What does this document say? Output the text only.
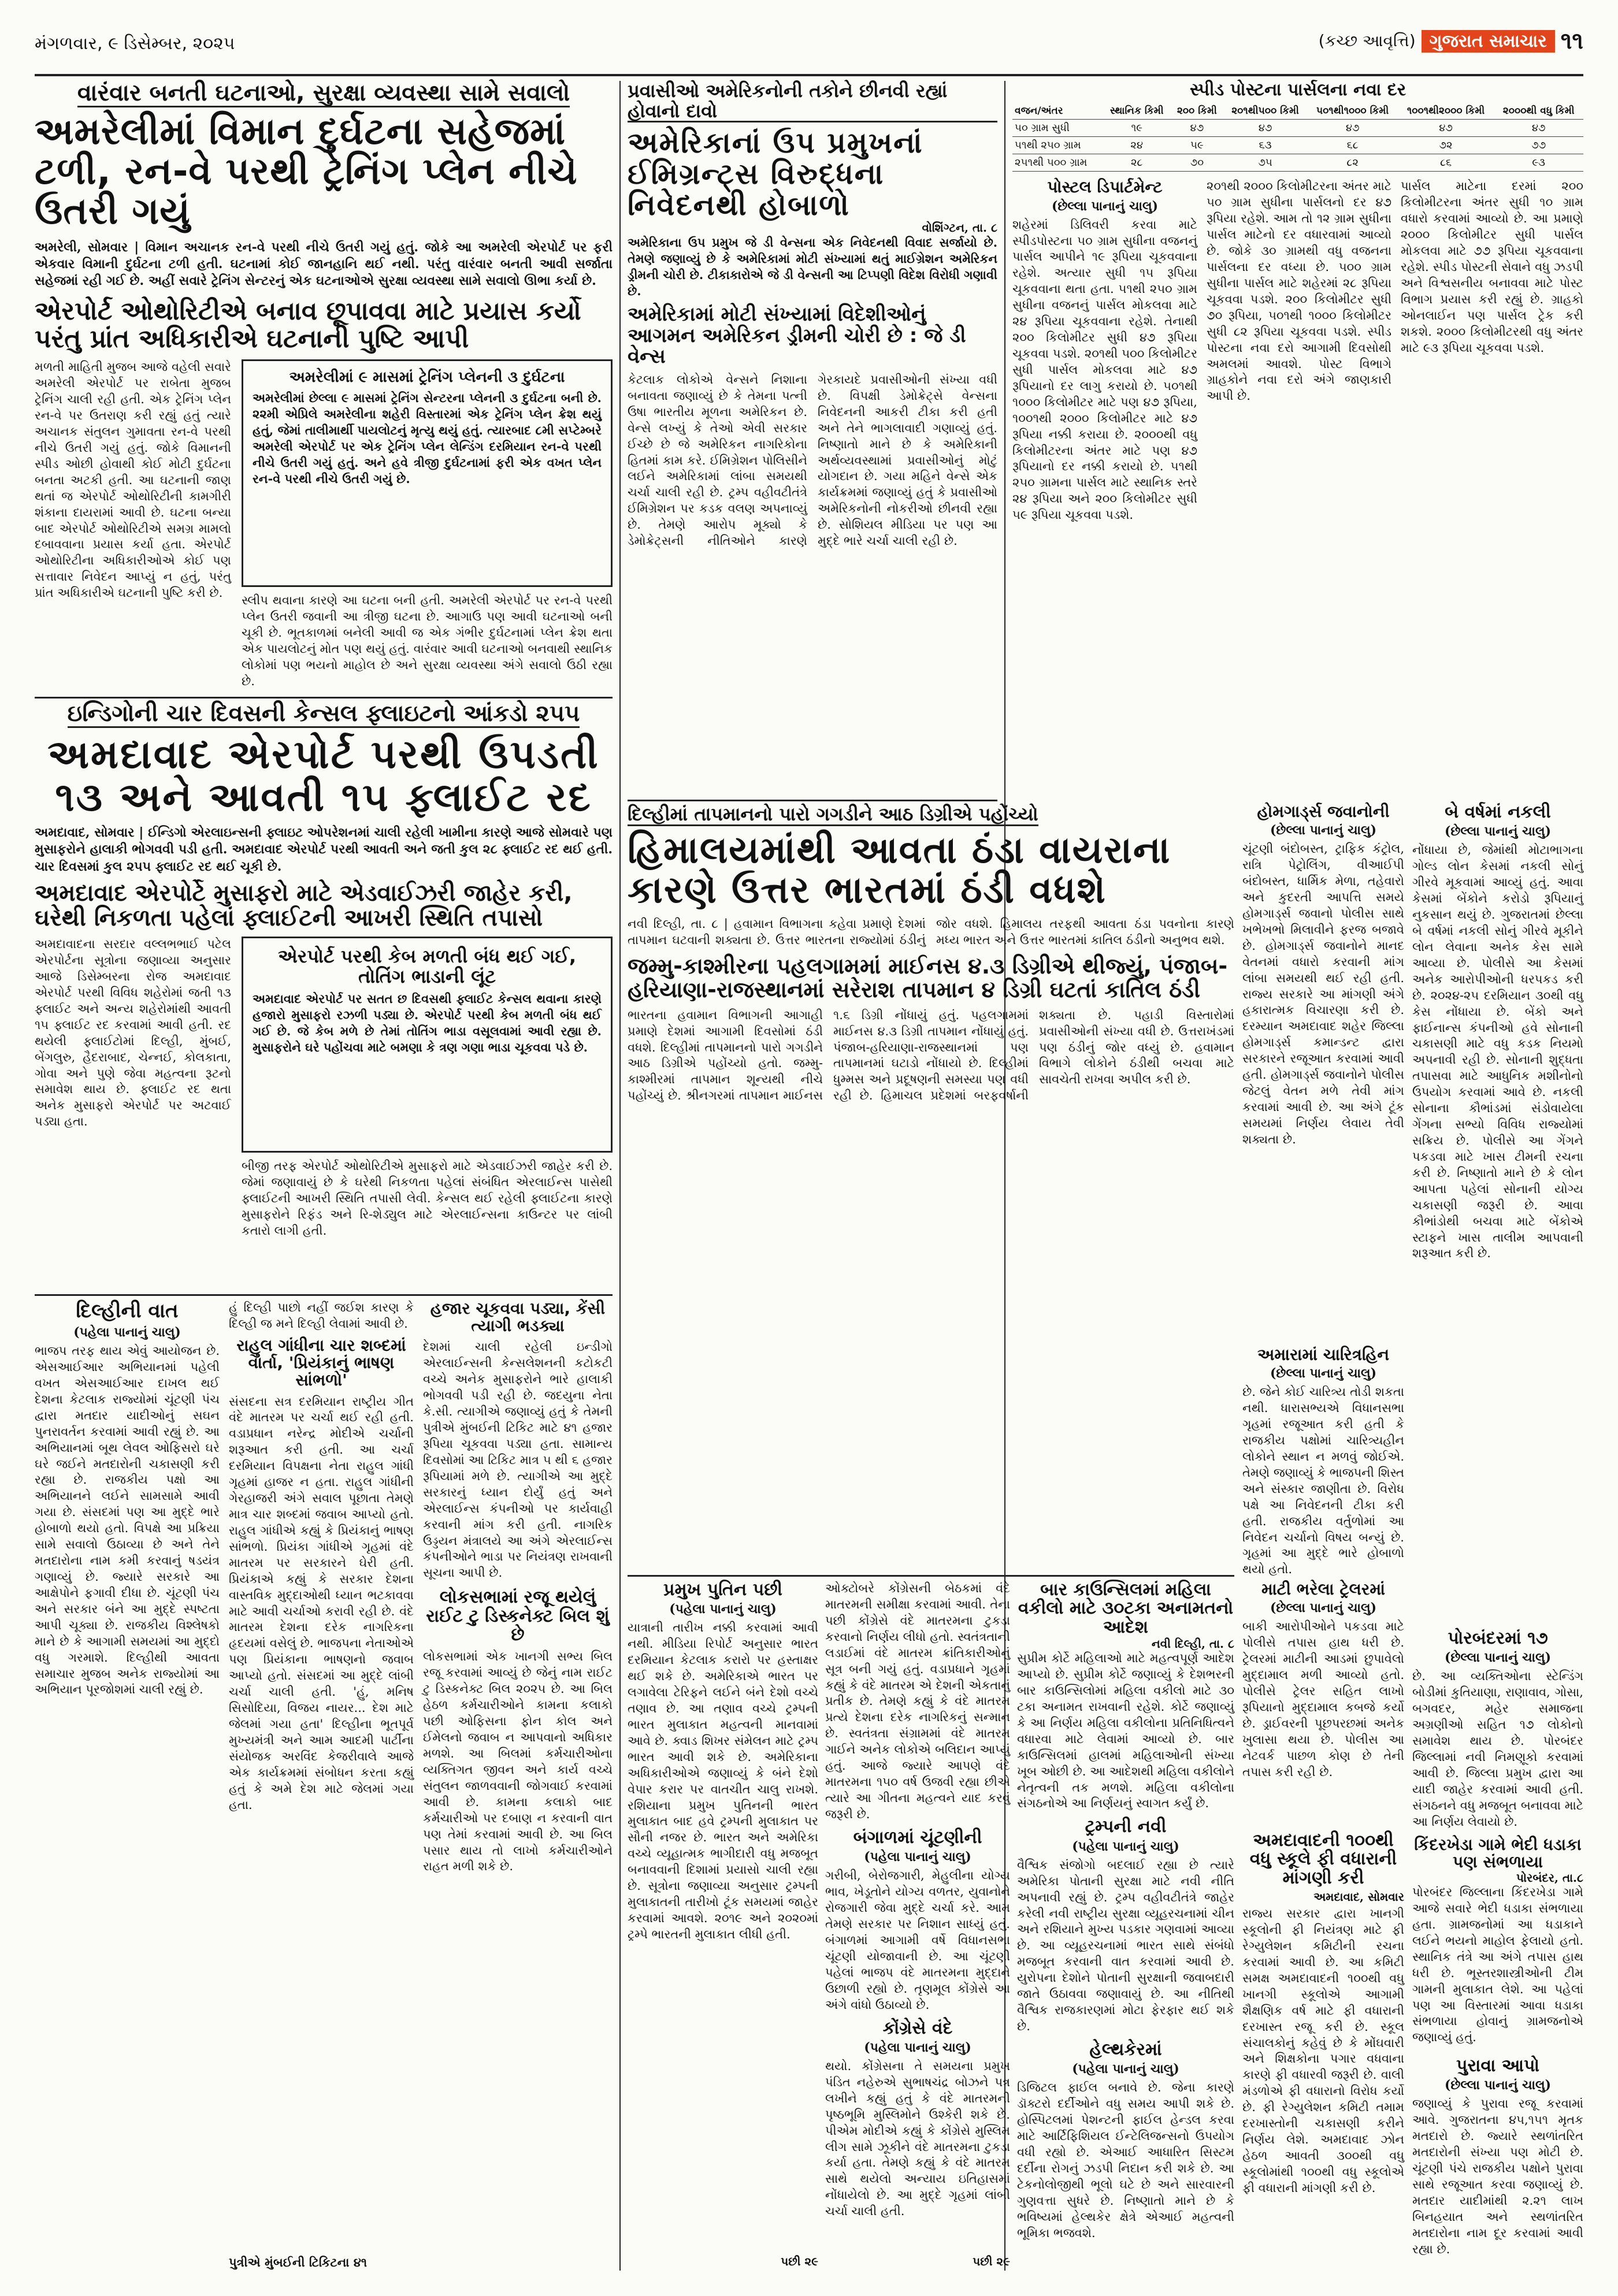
મંગળવાર, ૯ ડિસેમ્બર, ૨૦૨૫	(કચ્છ આવૃત્તિ) ગુજરાત સમાચાર ૧૧
વારંવાર બનતી ઘટનાઓ, સુરક્ષા વ્યવસ્થા સામે સવાલો
અમરેલીમાં વિમાન દુર્ઘટના સહેજમાં ટળી, રન-વે પરથી ટ્રેનિંગ પ્લેન નીચે ઉતરી ગયું
અમરેલી, સોમવાર | વિમાન અચાનક રન-વે પરથી નીચે ઉતરી ગયું હતું. જોકે આ અમરેલી એરપોર્ટ પર ફરી એકવાર વિમાની દુર્ઘટના ટળી હતી. ઘટનામાં કોઈ જાનહાનિ થઈ નથી. પરંતુ વારંવાર બનતી આવી સર્જાતા સહેજમાં રહી ગઈ છે. અહીં સવારે ટ્રેનિંગ સેન્ટરનું એક ઘટનાઓએ સુરક્ષા વ્યવસ્થા સામે સવાલો ઊભા કર્યા છે.
એરપોર્ટ ઓથોરિટીએ બનાવ છૂપાવવા માટે પ્રયાસ કર્યો પરંતુ પ્રાંત અધિકારીએ ઘટનાની પુષ્ટિ આપી
મળતી માહિતી મુજબ આજે વહેલી સવારે અમરેલી એરપોર્ટ પર રાબેતા મુજબ ટ્રેનિંગ ચાલી રહી હતી. એક ટ્રેનિંગ પ્લેન રન-વે પર ઉતરાણ કરી રહ્યું હતું ત્યારે અચાનક સંતુલન ગુમાવતા રન-વે પરથી નીચે ઉતરી ગયું હતું. જોકે વિમાનની સ્પીડ ઓછી હોવાથી કોઈ મોટી દુર્ઘટના બનતા અટકી હતી. આ ઘટનાની જાણ થતાં જ એરપોર્ટ ઓથોરિટીની કામગીરી શંકાના દાયરામાં આવી છે. ઘટના બન્યા બાદ એરપોર્ટ ઓથોરિટીએ સમગ્ર મામલો દબાવવાના પ્રયાસ કર્યા હતા. એરપોર્ટ ઓથોરિટીના અધિકારીઓએ કોઈ પણ સત્તાવાર નિવેદન આપ્યું ન હતું, પરંતુ પ્રાંત અધિકારીએ ઘટનાની પુષ્ટિ કરી છે.
અમરેલીમાં ૯ માસમાં ટ્રેનિંગ પ્લેનની ૩ દુર્ઘટના
અમરેલીમાં છેલ્લા ૯ માસમાં ટ્રેનિંગ સેન્ટરના પ્લેનની ૩ દુર્ઘટના બની છે. ૨૨મી એપ્રિલે અમરેલીના શહેરી વિસ્તારમાં એક ટ્રેનિંગ પ્લેન ક્રેશ થયું હતું, જેમાં તાલીમાર્થી પાયલોટનું મૃત્યુ થયું હતું. ત્યારબાદ ૮મી સપ્ટેમ્બરે અમરેલી એરપોર્ટ પર એક ટ્રેનિંગ પ્લેન લેન્ડિંગ દરમિયાન રન-વે પરથી નીચે ઉતરી ગયું હતું. અને હવે ત્રીજી દુર્ઘટનામાં ફરી એક વખત પ્લેન રન-વે પરથી નીચે ઉતરી ગયું છે.
સ્લીપ થવાના કારણે આ ઘટના બની હતી. અમરેલી એરપોર્ટ પર રન-વે પરથી પ્લેન ઉતરી જવાની આ ત્રીજી ઘટના છે. આગાઉ પણ આવી ઘટનાઓ બની ચૂકી છે. ભૂતકાળમાં બનેલી આવી જ એક ગંભીર દુર્ઘટનામાં પ્લેન ક્રેશ થતા એક પાયલોટનું મોત પણ થયું હતું. વારંવાર આવી ઘટનાઓ બનવાથી સ્થાનિક લોકોમાં પણ ભયનો માહોલ છે અને સુરક્ષા વ્યવસ્થા અંગે સવાલો ઉઠી રહ્યા છે.
ઇન્ડિગોની ચાર દિવસની કેન્સલ ફ્લાઇટનો આંકડો ૨૫૫
અમદાવાદ એરપોર્ટ પરથી ઉપડતી ૧૩ અને આવતી ૧૫ ફ્લાઈટ રદ
અમદાવાદ, સોમવાર | ઈન્ડિગો એરલાઇન્સની ફ્લાઇટ ઓપરેશનમાં ચાલી રહેલી ખામીના કારણે આજે સોમવારે પણ મુસાફરોને હાલાકી ભોગવવી પડી હતી. અમદાવાદ એરપોર્ટ પરથી આવતી અને જતી કુલ ૨૮ ફ્લાઈટ રદ થઈ હતી. ચાર દિવસમાં કુલ ૨૫૫ ફ્લાઈટ રદ થઈ ચૂકી છે.
અમદાવાદ એરપોર્ટે મુસાફરો માટે એડવાઈઝરી જાહેર કરી, ઘરેથી નિકળતા પહેલાં ફ્લાઈટની આખરી સ્થિતિ તપાસો
અમદાવાદના સરદાર વલ્લભભાઈ પટેલ એરપોર્ટના સૂત્રોના જણાવ્યા અનુસાર આજે ડિસેમ્બરના રોજ અમદાવાદ એરપોર્ટ પરથી વિવિધ શહેરોમાં જતી ૧૩ ફ્લાઈટ અને અન્ય શહેરોમાંથી આવતી ૧૫ ફ્લાઈટ રદ કરવામાં આવી હતી. રદ થયેલી ફ્લાઈટોમાં દિલ્હી, મુંબઈ, બેંગલુરુ, હૈદરાબાદ, ચેન્નઈ, કોલકાતા, ગોવા અને પુણે જેવા મહત્વના રૂટનો સમાવેશ થાય છે. ફ્લાઈટ રદ થતા અનેક મુસાફરો એરપોર્ટ પર અટવાઈ પડ્યા હતા.
એરપોર્ટ પરથી કેબ મળતી બંધ થઈ ગઈ, તોતિંગ ભાડાની લૂંટ
અમદાવાદ એરપોર્ટ પર સતત છ દિવસથી ફ્લાઈટ કેન્સલ થવાના કારણે હજારો મુસાફરો રઝળી પડ્યા છે. એરપોર્ટ પરથી કેબ મળતી બંધ થઈ ગઈ છે. જે કેબ મળે છે તેમાં તોતિંગ ભાડા વસૂલવામાં આવી રહ્યા છે. મુસાફરોને ઘરે પહોંચવા માટે બમણા કે ત્રણ ગણા ભાડા ચૂકવવા પડે છે.
બીજી તરફ એરપોર્ટ ઓથોરિટીએ મુસાફરો માટે એડવાઈઝરી જાહેર કરી છે. જેમાં જણાવાયું છે કે ઘરેથી નિકળતા પહેલાં સંબંધિત એરલાઈન્સ પાસેથી ફ્લાઈટની આખરી સ્થિતિ તપાસી લેવી. કેન્સલ થઈ રહેલી ફ્લાઈટના કારણે મુસાફરોને રિફંડ અને રિ-શેડ્યુલ માટે એરલાઈન્સના કાઉન્ટર પર લાંબી કતારો લાગી હતી.
દિલ્હીની વાત
(પહેલા પાનાનું ચાલુ)
ભાજપ તરફ થાય એવું આયોજન છે. એસઆઈઆર અભિયાનમાં પહેલી વખત એસઆઈઆર દાખલ થઈ દેશના કેટલાક રાજ્યોમાં ચૂંટણી પંચ દ્વારા મતદાર યાદીઓનું સઘન પુનરાવર્તન કરવામાં આવી રહ્યું છે. આ અભિયાનમાં બૂથ લેવલ ઓફિસરો ઘરે ઘરે જઈને મતદારોની ચકાસણી કરી રહ્યા છે. રાજકીય પક્ષો આ અભિયાનને લઈને સામસામે આવી ગયા છે. સંસદમાં પણ આ મુદ્દે ભારે હોબાળો થયો હતો. વિપક્ષે આ પ્રક્રિયા સામે સવાલો ઉઠાવ્યા છે અને તેને મતદારોના નામ કમી કરવાનું ષડયંત્ર ગણાવ્યું છે. જ્યારે સરકારે આ આક્ષેપોને ફગાવી દીધા છે. ચૂંટણી પંચ અને સરકાર બંને આ મુદ્દે સ્પષ્ટતા આપી ચૂક્યા છે. રાજકીય વિશ્લેષકો માને છે કે આગામી સમયમાં આ મુદ્દો વધુ ગરમાશે. દિલ્હીથી આવતા સમાચાર મુજબ અનેક રાજ્યોમાં આ અભિયાન પૂરજોશમાં ચાલી રહ્યું છે.
હું દિલ્હી પાછો નહીં જઈશ કારણ કે દિલ્હી જ મને દિલ્હી લેવામાં આવી છે.
રાહુલ ગાંધીના ચાર શબ્દમાં વાર્તા, 'પ્રિયંકાનું ભાષણ સાંભળો'
સંસદના સત્ર દરમિયાન રાષ્ટ્રીય ગીત વંદે માતરમ પર ચર્ચા થઈ રહી હતી. વડાપ્રધાન નરેન્દ્ર મોદીએ ચર્ચાની શરૂઆત કરી હતી. આ ચર્ચા દરમિયાન વિપક્ષના નેતા રાહુલ ગાંધી ગૃહમાં હાજર ન હતા. રાહુલ ગાંધીની ગેરહાજરી અંગે સવાલ પૂછાતા તેમણે માત્ર ચાર શબ્દમાં જવાબ આપ્યો હતો. રાહુલ ગાંધીએ કહ્યું કે પ્રિયંકાનું ભાષણ સાંભળો. પ્રિયંકા ગાંધીએ ગૃહમાં વંદે માતરમ પર સરકારને ઘેરી હતી. પ્રિયંકાએ કહ્યું કે સરકાર દેશના વાસ્તવિક મુદ્દાઓથી ધ્યાન ભટકાવવા માટે આવી ચર્ચાઓ કરાવી રહી છે. વંદે માતરમ દેશના દરેક નાગરિકના હૃદયમાં વસેલું છે. ભાજપના નેતાઓએ પણ પ્રિયંકાના ભાષણનો જવાબ આપ્યો હતો. સંસદમાં આ મુદ્દે લાંબી ચર્ચા ચાલી હતી. 'હું, મનિષ સિસોદિયા, વિજય નાયર... દેશ માટે જેલમાં ગયા હતા' દિલ્હીના ભૂતપૂર્વ મુખ્યમંત્રી અને આમ આદમી પાર્ટીના સંયોજક અરવિંદ કેજરીવાલે આજે એક કાર્યક્રમમાં સંબોધન કરતા કહ્યું હતું કે અમે દેશ માટે જેલમાં ગયા હતા.
પુત્રીએ મુંબઈની ટિકિટના ૪૧
હજાર ચૂકવવા પડ્યા, કેંસી ત્યાગી ભડક્યા
દેશમાં ચાલી રહેલી ઇન્ડીગો એરલાઈન્સની કેન્સલેશનની કટોકટી વચ્ચે અનેક મુસાફરોને ભારે હાલાકી ભોગવવી પડી રહી છે. જદયુના નેતા કે.સી. ત્યાગીએ જણાવ્યું હતું કે તેમની પુત્રીએ મુંબઈની ટિકિટ માટે ૪૧ હજાર રૂપિયા ચૂકવવા પડ્યા હતા. સામાન્ય દિવસોમાં આ ટિકિટ માત્ર ૫ થી ૬ હજાર રૂપિયામાં મળે છે. ત્યાગીએ આ મુદ્દે સરકારનું ધ્યાન દોર્યું હતું અને એરલાઈન્સ કંપનીઓ પર કાર્યવાહી કરવાની માંગ કરી હતી. નાગરિક ઉડ્ડયન મંત્રાલયે આ અંગે એરલાઈન્સ કંપનીઓને ભાડા પર નિયંત્રણ રાખવાની સૂચના આપી છે.
લોકસભામાં રજૂ થયેલું રાઈટ ટુ ડિસ્કનેક્ટ બિલ શું છે
લોકસભામાં એક ખાનગી સભ્ય બિલ રજૂ કરવામાં આવ્યું છે જેનું નામ રાઈટ ટુ ડિસ્કનેક્ટ બિલ ૨૦૨૫ છે. આ બિલ હેઠળ કર્મચારીઓને કામના કલાકો પછી ઓફિસના ફોન કોલ અને ઈમેલનો જવાબ ન આપવાનો અધિકાર મળશે. આ બિલમાં કર્મચારીઓના વ્યક્તિગત જીવન અને કાર્ય વચ્ચે સંતુલન જાળવવાની જોગવાઈ કરવામાં આવી છે. કામના કલાકો બાદ કર્મચારીઓ પર દબાણ ન કરવાની વાત પણ તેમાં કરવામાં આવી છે. આ બિલ પસાર થાય તો લાખો કર્મચારીઓને રાહત મળી શકે છે.
પ્રવાસીઓ અમેરિકનોની તકોને છીનવી રહ્યાં હોવાનો દાવો
અમેરિકાનાં ઉપ પ્રમુખનાં ઈમિગ્રન્ટ્સ વિરુદ્ધના નિવેદનથી હોબાળો
વોશિંગ્ટન, તા. ૮
અમેરિકાના ઉપ પ્રમુખ જે ડી વેન્સના એક નિવેદનથી વિવાદ સર્જાયો છે. તેમણે જણાવ્યું છે કે અમેરિકામાં મોટી સંખ્યામાં થતું માઈગ્રેશન અમેરિકન ડ્રીમની ચોરી છે. ટીકાકારોએ જે ડી વેન્સની આ ટિપ્પણી વિદેશ વિરોધી ગણાવી છે.
અમેરિકામાં મોટી સંખ્યામાં વિદેશીઓનું આગમન અમેરિકન ડ્રીમની ચોરી છે : જે ડી વેન્સ
કેટલાક લોકોએ વેન્સને નિશાના બનાવતા જણાવ્યું છે કે તેમના પત્ની ઉષા ભારતીય મૂળના અમેરિકન છે. વેન્સે લખ્યું કે તેઓ એવી સરકાર ઈચ્છે છે જે અમેરિકન નાગરિકોના હિતમાં કામ કરે. ઈમિગ્રેશન પોલિસીને લઈને અમેરિકામાં લાંબા સમયથી ચર્ચા ચાલી રહી છે. ટ્રમ્પ વહીવટીતંત્રે ઈમિગ્રેશન પર કડક વલણ અપનાવ્યું છે. તેમણે આરોપ મૂક્યો કે ડેમોક્રેટ્સની નીતિઓને કારણે ગેરકાયદે પ્રવાસીઓની સંખ્યા વધી છે. વિપક્ષી ડેમોક્રેટ્સે વેન્સના નિવેદનની આકરી ટીકા કરી હતી અને તેને ભાગલાવાદી ગણાવ્યું હતું. નિષ્ણાતો માને છે કે અમેરિકાની અર્થવ્યવસ્થામાં પ્રવાસીઓનું મોટું યોગદાન છે. ગયા મહિને વેન્સે એક કાર્યક્રમમાં જણાવ્યું હતું કે પ્રવાસીઓ અમેરિકનોની નોકરીઓ છીનવી રહ્યા છે. સોશિયલ મીડિયા પર પણ આ મુદ્દે ભારે ચર્ચા ચાલી રહી છે.
સ્પીડ પોસ્ટના પાર્સલના નવા દર
વજન/અંતર	સ્થાનિક કિમી	૨૦૦ કિમી	૨૦૧થી૫૦૦ કિમી	૫૦૧થી૧૦૦૦ કિમી	૧૦૦૧થી૨૦૦૦ કિમી	૨૦૦૦થી વધુ કિમી
૫૦ ગ્રામ સુધી	૧૯	૪૭	૪૭	૪૭	૪૭	૪૭
૫૧થી ૨૫૦ ગ્રામ	૨૪	૫૯	૬૩	૬૮	૭૨	૭૭
૨૫૧થી ૫૦૦ ગ્રામ	૨૮	૭૦	૭૫	૮૨	૮૬	૯૩
પોસ્ટલ ડિપાર્ટમેન્ટ
(છેલ્લા પાનાનું ચાલુ)
શહેરમાં ડિલિવરી કરવા માટે સ્પીડપોસ્ટના ૫૦ ગ્રામ સુધીના વજનનું પાર્સલ આપીને ૧૯ રૂપિયા ચૂકવવાના રહેશે. અત્યાર સુધી ૧૫ રૂપિયા ચૂકવવાના થતા હતા. ૫૧થી ૨૫૦ ગ્રામ સુધીના વજનનું પાર્સલ મોકલવા માટે ૨૪ રૂપિયા ચૂકવવાના રહેશે. તેનાથી ૨૦૦ કિલોમીટર સુધી ૪૭ રૂપિયા ચૂકવવા પડશે. ૨૦૧થી ૫૦૦ કિલોમીટર સુધી પાર્સલ મોકલવા માટે ૪૭ રૂપિયાનો દર લાગુ કરાયો છે. ૫૦૧થી ૧૦૦૦ કિલોમીટર માટે પણ ૪૭ રૂપિયા, ૧૦૦૧થી ૨૦૦૦ કિલોમીટર માટે ૪૭ રૂપિયા નક્કી કરાયા છે. ૨૦૦૦થી વધુ કિલોમીટરના અંતર માટે પણ ૪૭ રૂપિયાનો દર નક્કી કરાયો છે. ૫૧થી ૨૫૦ ગ્રામના પાર્સલ માટે સ્થાનિક સ્તરે ૨૪ રૂપિયા અને ૨૦૦ કિલોમીટર સુધી ૫૯ રૂપિયા ચૂકવવા પડશે.
૨૦૧થી ૨૦૦૦ કિલોમીટરના અંતર માટે ૫૦ ગ્રામ સુધીના પાર્સલનો દર ૪૭ રૂપિયા રહેશે. આમ તો ૧૨ ગ્રામ સુધીના પાર્સલ માટેનો દર વધારવામાં આવ્યો છે. જોકે ૩૦ ગ્રામથી વધુ વજનના પાર્સલના દર વધ્યા છે. ૫૦૦ ગ્રામ સુધીના પાર્સલ માટે શહેરમાં ૨૮ રૂપિયા ચૂકવવા પડશે. ૨૦૦ કિલોમીટર સુધી ૭૦ રૂપિયા, ૫૦૧થી ૧૦૦૦ કિલોમીટર સુધી ૮૨ રૂપિયા ચૂકવવા પડશે. સ્પીડ પોસ્ટના નવા દરો આગામી દિવસોથી અમલમાં આવશે. પોસ્ટ વિભાગે ગ્રાહકોને નવા દરો અંગે જાણકારી આપી છે.
પાર્સલ માટેના દરમાં ૨૦૦ કિલોમીટરના અંતર સુધી ૧૦ ગ્રામ વધારો કરવામાં આવ્યો છે. આ પ્રમાણે ૨૦૦૦ કિલોમીટર સુધી પાર્સલ મોકલવા માટે ૭૭ રૂપિયા ચૂકવવાના રહેશે. સ્પીડ પોસ્ટની સેવાને વધુ ઝડપી અને વિશ્વસનીય બનાવવા માટે પોસ્ટ વિભાગ પ્રયાસ કરી રહ્યું છે. ગ્રાહકો ઓનલાઈન પણ પાર્સલ ટ્રેક કરી શકશે. ૨૦૦૦ કિલોમીટરથી વધુ અંતર માટે ૯૩ રૂપિયા ચૂકવવા પડશે.
દિલ્હીમાં તાપમાનનો પારો ગગડીને આઠ ડિગ્રીએ પહોંચ્યો
હિમાલયમાંથી આવતા ઠંડા વાયરાના કારણે ઉત્તર ભારતમાં ઠંડી વધશે
નવી દિલ્હી, તા. ૮ | હવામાન વિભાગના કહેવા પ્રમાણે દેશમાં તાપમાન ઘટવાની શક્યતા છે. ઉત્તર ભારતના રાજ્યોમાં ઠંડીનું જોર વધશે. હિમાલય તરફથી આવતા ઠંડા પવનોના કારણે મધ્ય ભારત અને ઉત્તર ભારતમાં કાતિલ ઠંડીનો અનુભવ થશે.
જમ્મુ-કાશ્મીરના પહલગામમાં માઈનસ ૪.૩ ડિગ્રીએ થીજ્યું, પંજાબ-હરિયાણા-રાજસ્થાનમાં સરેરાશ તાપમાન ૪ ડિગ્રી ઘટતાં કાતિલ ઠંડી
ભારતના હવામાન વિભાગની આગાહી પ્રમાણે દેશમાં આગામી દિવસોમાં ઠંડી વધશે. દિલ્હીમાં તાપમાનનો પારો ગગડીને આઠ ડિગ્રીએ પહોંચ્યો હતો. જમ્મુ-કાશ્મીરમાં તાપમાન શૂન્યથી નીચે પહોંચ્યું છે. શ્રીનગરમાં તાપમાન માઈનસ ૧.૬ ડિગ્રી નોંધાયું હતું. પહલગામમાં માઈનસ ૪.૩ ડિગ્રી તાપમાન નોંધાયું હતું. પંજાબ-હરિયાણા-રાજસ્થાનમાં પણ તાપમાનમાં ઘટાડો નોંધાયો છે. દિલ્હીમાં ધુમ્મસ અને પ્રદૂષણની સમસ્યા પણ વધી રહી છે. હિમાચલ પ્રદેશમાં બરફવર્ષાની શક્યતા છે. પહાડી વિસ્તારોમાં પ્રવાસીઓની સંખ્યા વધી છે. ઉત્તરાખંડમાં પણ ઠંડીનું જોર વધ્યું છે. હવામાન વિભાગે લોકોને ઠંડીથી બચવા માટે સાવચેતી રાખવા અપીલ કરી છે.
હોમગાર્ડ્સ જવાનોની
(છેલ્લા પાનાનું ચાલુ)
ચૂંટણી બંદોબસ્ત, ટ્રાફિક કંટ્રોલ, રાત્રિ પેટ્રોલિંગ, વીઆઈપી બંદોબસ્ત, ધાર્મિક મેળા, તહેવારો અને કુદરતી આપત્તિ સમયે હોમગાર્ડ્સ જવાનો પોલીસ સાથે ખભેખભો મિલાવીને ફરજ બજાવે છે. હોમગાર્ડ્સ જવાનોને માનદ વેતનમાં વધારો કરવાની માંગ લાંબા સમયથી થઈ રહી હતી. રાજ્ય સરકારે આ માંગણી અંગે હકારાત્મક વિચારણા કરી છે. દરમ્યાન અમદાવાદ શહેર જિલ્લા હોમગાર્ડ્સ કમાન્ડન્ટ દ્વારા સરકારને રજૂઆત કરવામાં આવી હતી. હોમગાર્ડ્સ જવાનોને પોલીસ જેટલું વેતન મળે તેવી માંગ કરવામાં આવી છે. આ અંગે ટૂંક સમયમાં નિર્ણય લેવાય તેવી શક્યતા છે.
અમારામાં ચારિત્રહિન
(છેલ્લા પાનાનું ચાલુ)
છે. જેને કોઈ ચારિત્ર્ય તોડી શકતા નથી. ધારાસભ્યએ વિધાનસભા ગૃહમાં રજૂઆત કરી હતી કે રાજકીય પક્ષોમાં ચારિત્ર્યહીન લોકોને સ્થાન ન મળવું જોઈએ. તેમણે જણાવ્યું કે ભાજપની શિસ્ત અને સંસ્કાર જાણીતા છે. વિરોધ પક્ષે આ નિવેદનની ટીકા કરી હતી. રાજકીય વર્તુળોમાં આ નિવેદન ચર્ચાનો વિષય બન્યું છે. ગૃહમાં આ મુદ્દે ભારે હોબાળો થયો હતો.
બે વર્ષમાં નકલી
(છેલ્લા પાનાનું ચાલુ)
નોંધાયા છે, જેમાંથી મોટાભાગના ગોલ્ડ લોન કેસમાં નકલી સોનું ગીરવે મૂકવામાં આવ્યું હતું. આવા કેસમાં બેંકોને કરોડો રૂપિયાનું નુકસાન થયું છે. ગુજરાતમાં છેલ્લા બે વર્ષમાં નકલી સોનું ગીરવે મૂકીને લોન લેવાના અનેક કેસ સામે આવ્યા છે. પોલીસે આ કેસમાં અનેક આરોપીઓની ધરપકડ કરી છે. ૨૦૨૪-૨૫ દરમિયાન ૩૦થી વધુ કેસ નોંધાયા છે. બેંકો અને ફાઈનાન્સ કંપનીઓ હવે સોનાની ચકાસણી માટે વધુ કડક નિયમો અપનાવી રહી છે. સોનાની શુદ્ધતા તપાસવા માટે આધુનિક મશીનોનો ઉપયોગ કરવામાં આવે છે. નકલી સોનાના કૌભાંડમાં સંડોવાયેલા ગેંગના સભ્યો વિવિધ રાજ્યોમાં સક્રિય છે. પોલીસે આ ગેંગને પકડવા માટે ખાસ ટીમની રચના કરી છે. નિષ્ણાતો માને છે કે લોન આપતા પહેલાં સોનાની યોગ્ય ચકાસણી જરૂરી છે. આવા કૌભાંડોથી બચવા માટે બેંકોએ સ્ટાફને ખાસ તાલીમ આપવાની શરૂઆત કરી છે.
પ્રમુખ પુતિન પછી
(પહેલા પાનાનું ચાલુ)
યાત્રાની તારીખ નક્કી કરવામાં આવી નથી. મીડિયા રિપોર્ટ અનુસાર ભારત દરમિયાન કેટલાક કરારો પર હસ્તાક્ષર થઈ શકે છે. અમેરિકાએ ભારત પર લગાવેલા ટેરિફને લઈને બંને દેશો વચ્ચે તણાવ છે. આ તણાવ વચ્ચે ટ્રમ્પની ભારત મુલાકાત મહત્વની માનવામાં આવે છે. ક્વાડ શિખર સંમેલન માટે ટ્રમ્પ ભારત આવી શકે છે. અમેરિકાના અધિકારીઓએ જણાવ્યું કે બંને દેશો વેપાર કરાર પર વાતચીત ચાલુ રાખશે. રશિયાના પ્રમુખ પુતિનની ભારત મુલાકાત બાદ હવે ટ્રમ્પની મુલાકાત પર સૌની નજર છે. ભારત અને અમેરિકા વચ્ચે વ્યૂહાત્મક ભાગીદારી વધુ મજબૂત બનાવવાની દિશામાં પ્રયાસો ચાલી રહ્યા છે. સૂત્રોના જણાવ્યા અનુસાર ટ્રમ્પની મુલાકાતની તારીખો ટૂંક સમયમાં જાહેર કરવામાં આવશે. ૨૦૧૯ અને ૨૦૨૦માં ટ્રમ્પે ભારતની મુલાકાત લીધી હતી.
પછી ૨૯
ઓક્ટોબરે કોંગ્રેસની બેઠકમાં વંદે માતરમની સમીક્ષા કરવામાં આવી. તેના પછી કોંગ્રેસે વંદે માતરમના ટુકડા કરવાનો નિર્ણય લીધો હતો. સ્વતંત્રતાની લડાઈમાં વંદે માતરમ ક્રાંતિકારીઓનું સૂત્ર બની ગયું હતું. વડાપ્રધાને ગૃહમાં કહ્યું કે વંદે માતરમ એ દેશની એકતાનું પ્રતીક છે. તેમણે કહ્યું કે વંદે માતરમ પ્રત્યે દેશના દરેક નાગરિકનું સન્માન છે. સ્વતંત્રતા સંગ્રામમાં વંદે માતરમ ગાઈને અનેક લોકોએ બલિદાન આપ્યું હતું. આજે જ્યારે આપણે વંદે માતરમના ૧૫૦ વર્ષ ઉજવી રહ્યા છીએ ત્યારે આ ગીતના મહત્વને યાદ કરવું જરૂરી છે.
બંગાળમાં ચૂંટણીની
(પહેલા પાનાનું ચાલુ)
ગરીબી, બેરોજગારી, મેહુલીના યોગ્ય ભાવ, ખેડૂતોને યોગ્ય વળતર, યુવાનોને રોજગારી જેવા મુદ્દે ચર્ચા કરે. આમ તેમણે સરકાર પર નિશાન સાધ્યું હતું. બંગાળમાં આગામી વર્ષે વિધાનસભા ચૂંટણી યોજાવાની છે. આ ચૂંટણી પહેલાં ભાજપ વંદે માતરમના મુદ્દાને ઉછાળી રહ્યો છે. તૃણમૂલ કોંગ્રેસે આ અંગે વાંધો ઉઠાવ્યો છે.
કોંગ્રેસે વંદે
(પહેલા પાનાનું ચાલુ)
થયો. કોંગ્રેસના તે સમયના પ્રમુખ પંડિત નહેરુએ સુભાષચંદ્ર બોઝને પત્ર લખીને કહ્યું હતું કે વંદે માતરમની પૃષ્ઠભૂમિ મુસ્લિમોને ઉશ્કેરી શકે છે. પીએમ મોદીએ કહ્યું કે કોંગ્રેસે મુસ્લિમ લીગ સામે ઝૂકીને વંદે માતરમના ટુકડા કર્યા હતા. તેમણે કહ્યું કે વંદે માતરમ સાથે થયેલો અન્યાય ઇતિહાસમાં નોંધાયેલો છે. આ મુદ્દે ગૃહમાં લાંબી ચર્ચા ચાલી હતી.
પછી ૨૯
બાર કાઉન્સિલમાં મહિલા વકીલો માટે ૩૦ટકા અનામતનો આદેશ
નવી દિલ્હી, તા. ૮
સુપ્રીમ કોર્ટે મહિલાઓ માટે મહત્વપૂર્ણ આદેશ આપ્યો છે. સુપ્રીમ કોર્ટે જણાવ્યું કે દેશભરની બાર કાઉન્સિલોમાં મહિલા વકીલો માટે ૩૦ ટકા અનામત રાખવાની રહેશે. કોર્ટે જણાવ્યું કે આ નિર્ણય મહિલા વકીલોના પ્રતિનિધિત્વને વધારવા માટે લેવામાં આવ્યો છે. બાર કાઉન્સિલમાં હાલમાં મહિલાઓની સંખ્યા ખૂબ ઓછી છે. આ આદેશથી મહિલા વકીલોને નેતૃત્વની તક મળશે. મહિલા વકીલોના સંગઠનોએ આ નિર્ણયનું સ્વાગત કર્યું છે.
ટ્રમ્પની નવી
(પહેલા પાનાનું ચાલુ)
વૈશ્વિક સંજોગો બદલાઈ રહ્યા છે ત્યારે અમેરિકા પોતાની સુરક્ષા માટે નવી નીતિ અપનાવી રહ્યું છે. ટ્રમ્પ વહીવટીતંત્રે જાહેર કરેલી નવી રાષ્ટ્રીય સુરક્ષા વ્યૂહરચનામાં ચીન અને રશિયાને મુખ્ય પડકાર ગણવામાં આવ્યા છે. આ વ્યૂહરચનામાં ભારત સાથે સંબંધો મજબૂત કરવાની વાત કરવામાં આવી છે. યુરોપના દેશોને પોતાની સુરક્ષાની જવાબદારી જાતે ઉઠાવવા જણાવાયું છે. આ નીતિથી વૈશ્વિક રાજકારણમાં મોટા ફેરફાર થઈ શકે છે.
હેલ્થકેરમાં
(પહેલા પાનાનું ચાલુ)
ડિજિટલ ફાઈલ બનાવે છે. જેના કારણે ડૉક્ટરો દર્દીઓને વધુ સમય આપી શકે છે. હોસ્પિટલમાં પેશન્ટની ફાઈલ હેન્ડલ કરવા માટે આર્ટિફિશિયલ ઈન્ટેલિજન્સનો ઉપયોગ વધી રહ્યો છે. એઆઈ આધારિત સિસ્ટમ દર્દીના રોગનું ઝડપી નિદાન કરી શકે છે. આ ટેકનોલોજીથી ભૂલો ઘટે છે અને સારવારની ગુણવત્તા સુધરે છે. નિષ્ણાતો માને છે કે ભવિષ્યમાં હેલ્થકેર ક્ષેત્રે એઆઈ મહત્વની ભૂમિકા ભજવશે.
માટી ભરેલા ટ્રેલરમાં
(છેલ્લા પાનાનું ચાલુ)
બાકી આરોપીઓને પકડવા માટે પોલીસે તપાસ હાથ ધરી છે. ટ્રેલરમાં માટીની આડમાં છુપાવેલો મુદ્દામાલ મળી આવ્યો હતો. પોલીસે ટ્રેલર સહિત લાખો રૂપિયાનો મુદ્દામાલ કબજે કર્યો છે. ડ્રાઈવરની પૂછપરછમાં અનેક ખુલાસા થયા છે. પોલીસ આ નેટવર્ક પાછળ કોણ છે તેની તપાસ કરી રહી છે.
અમદાવાદની ૧૦૦થી વધુ સ્કૂલે ફી વધારાની માંગણી કરી
અમદાવાદ, સોમવાર
રાજ્ય સરકાર દ્વારા ખાનગી સ્કૂલોની ફી નિયંત્રણ માટે ફી રેગ્યુલેશન કમિટીની રચના કરવામાં આવી છે. આ કમિટી સમક્ષ અમદાવાદની ૧૦૦થી વધુ ખાનગી સ્કૂલોએ આગામી શૈક્ષણિક વર્ષ માટે ફી વધારાની દરખાસ્ત રજૂ કરી છે. સ્કૂલ સંચાલકોનું કહેવું છે કે મોંઘવારી અને શિક્ષકોના પગાર વધવાના કારણે ફી વધારવી જરૂરી છે. વાલી મંડળોએ ફી વધારાનો વિરોધ કર્યો છે. ફી રેગ્યુલેશન કમિટી તમામ દરખાસ્તોની ચકાસણી કરીને નિર્ણય લેશે. અમદાવાદ ઝોન હેઠળ આવતી ૩૦૦થી વધુ સ્કૂલોમાંથી ૧૦૦થી વધુ સ્કૂલોએ ફી વધારાની માંગણી કરી છે.
પોરબંદરમાં ૧૭
(છેલ્લા પાનાનું ચાલુ)
છે. આ વ્યક્તિઓના સ્ટેન્ડિંગ બોડીમાં કુતિયાણા, રાણાવાવ, ગોસા, બગવદર, મહેર સમાજના અગ્રણીઓ સહિત ૧૭ લોકોનો સમાવેશ થાય છે. પોરબંદર જિલ્લામાં નવી નિમણૂકો કરવામાં આવી છે. જિલ્લા પ્રમુખ દ્વારા આ યાદી જાહેર કરવામાં આવી હતી. સંગઠનને વધુ મજબૂત બનાવવા માટે આ નિર્ણય લેવાયો છે.
કિંદરખેડા ગામે ભેદી ધડાકા પણ સંભળાયા
પોરબંદર, તા.૮
પોરબંદર જિલ્લાના કિંદરખેડા ગામે આજે સવારે ભેદી ધડાકા સંભળાયા હતા. ગ્રામજનોમાં આ ધડાકાને લઈને ભયનો માહોલ ફેલાયો હતો. સ્થાનિક તંત્રે આ અંગે તપાસ હાથ ધરી છે. ભૂસ્તરશાસ્ત્રીઓની ટીમ ગામની મુલાકાત લેશે. આ પહેલાં પણ આ વિસ્તારમાં આવા ધડાકા સંભળાયા હોવાનું ગ્રામજનોએ જણાવ્યું હતું.
પુરાવા આપો
(છેલ્લા પાનાનું ચાલુ)
જણાવ્યું કે પુરાવા રજૂ કરવામાં આવે. ગુજરાતના ૪૫,૧૫૧ મૃતક મતદારો છે. જ્યારે સ્થળાંતરિત મતદારોની સંખ્યા પણ મોટી છે. ચૂંટણી પંચે રાજકીય પક્ષોને પુરાવા સાથે રજૂઆત કરવા જણાવ્યું છે. મતદાર યાદીમાંથી ૨.૨૧ લાખ બિનહયાત અને સ્થળાંતરિત મતદારોના નામ દૂર કરવામાં આવી રહ્યા છે.
